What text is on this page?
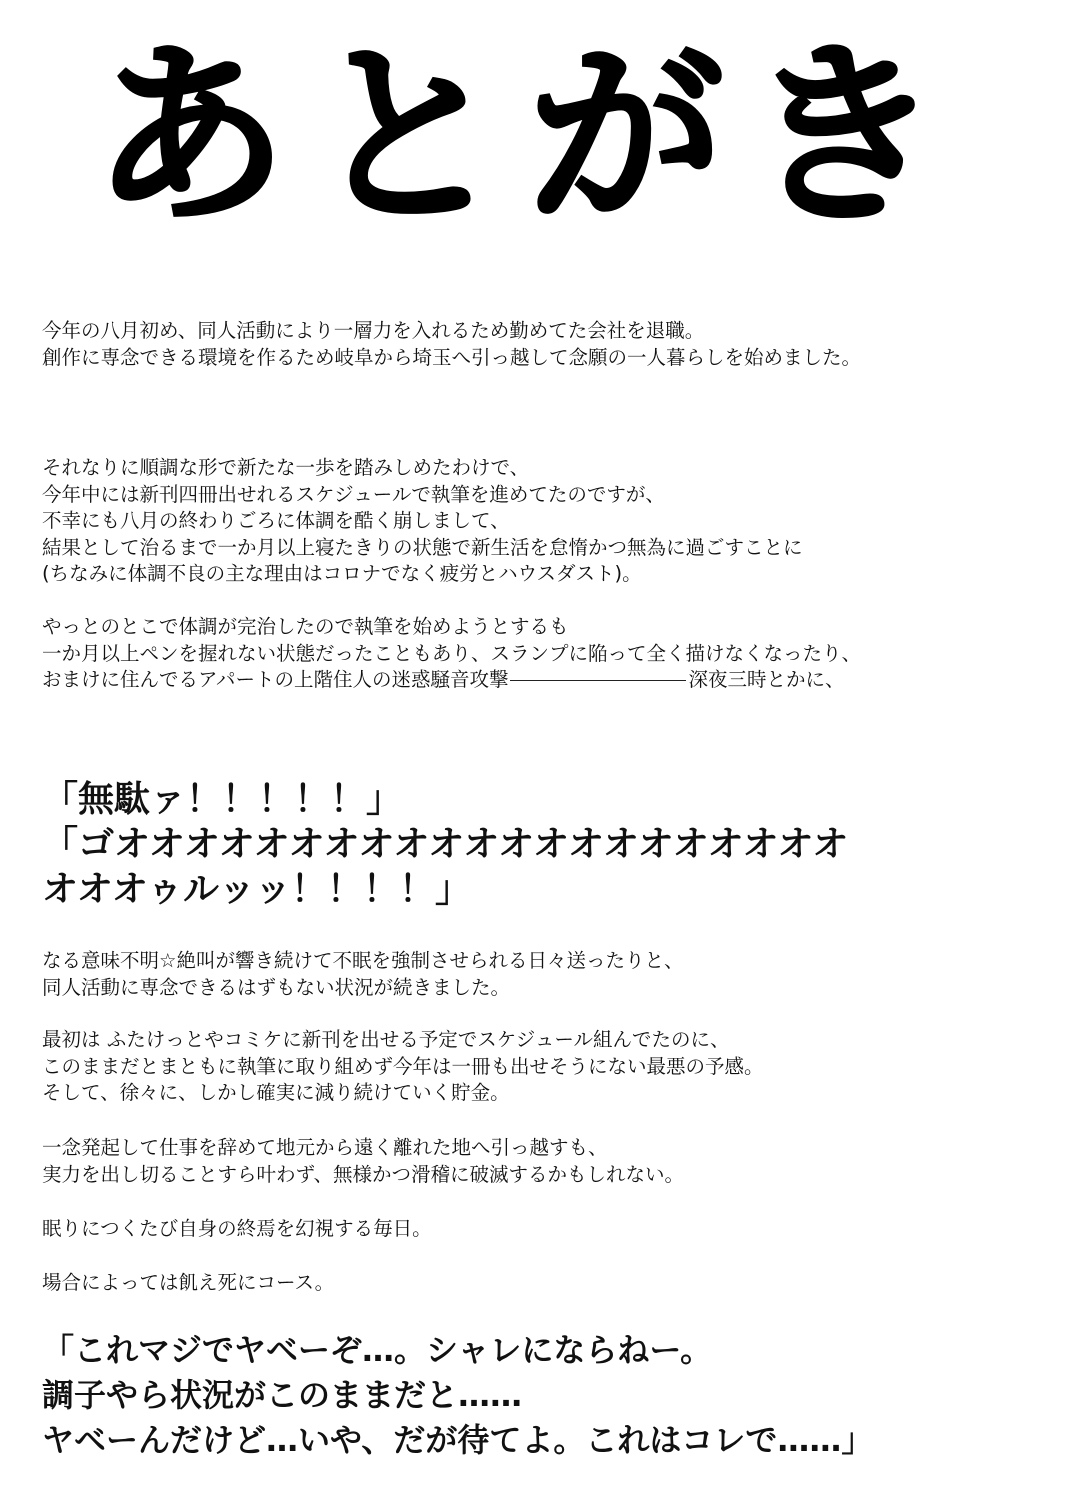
あとがき
今年の八月初め、同人活動により一層力を入れるため勤めてた会社を退職。
創作に専念できる環境を作るため岐阜から埼玉へ引っ越して念願の一人暮らしを始めました。
それなりに順調な形で新たな一歩を踏みしめたわけで、
今年中には新刊四冊出せれるスケジュールで執筆を進めてたのですが、
不幸にも八月の終わりごろに体調を酷く崩しまして、
結果として治るまで一か月以上寝たきりの状態で新生活を怠惰かつ無為に過ごすことに
(ちなみに体調不良の主な理由はコロナでなく疲労とハウスダスト)。
やっとのとこで体調が完治したので執筆を始めようとするも
一か月以上ペンを握れない状態だったこともあり、スランプに陥って全く描けなくなったり、
おまけに住んでるアパートの上階住人の迷惑騒音攻撃	深夜三時とかに、
「無駄ァ！！！！！」
「ゴオオオオオオオオオオオオオオオオオオオオオ
オオオゥルッッ！！！！」
なる意味不明☆絶叫が響き続けて不眠を強制させられる日々送ったりと、
同人活動に専念できるはずもない状況が続きました。
最初は ふたけっとやコミケに新刊を出せる予定でスケジュール組んでたのに、
このままだとまともに執筆に取り組めず今年は一冊も出せそうにない最悪の予感。
そして、徐々に、しかし確実に減り続けていく貯金。
一念発起して仕事を辞めて地元から遠く離れた地へ引っ越すも、
実力を出し切ることすら叶わず、無様かつ滑稽に破滅するかもしれない。
眠りにつくたび自身の終焉を幻視する毎日。
場合によっては飢え死にコース。
「これマジでヤベーぞ…。シャレにならねー。
調子やら状況がこのままだと……
ヤベーんだけど…いや、だが待てよ。これはコレで……」
